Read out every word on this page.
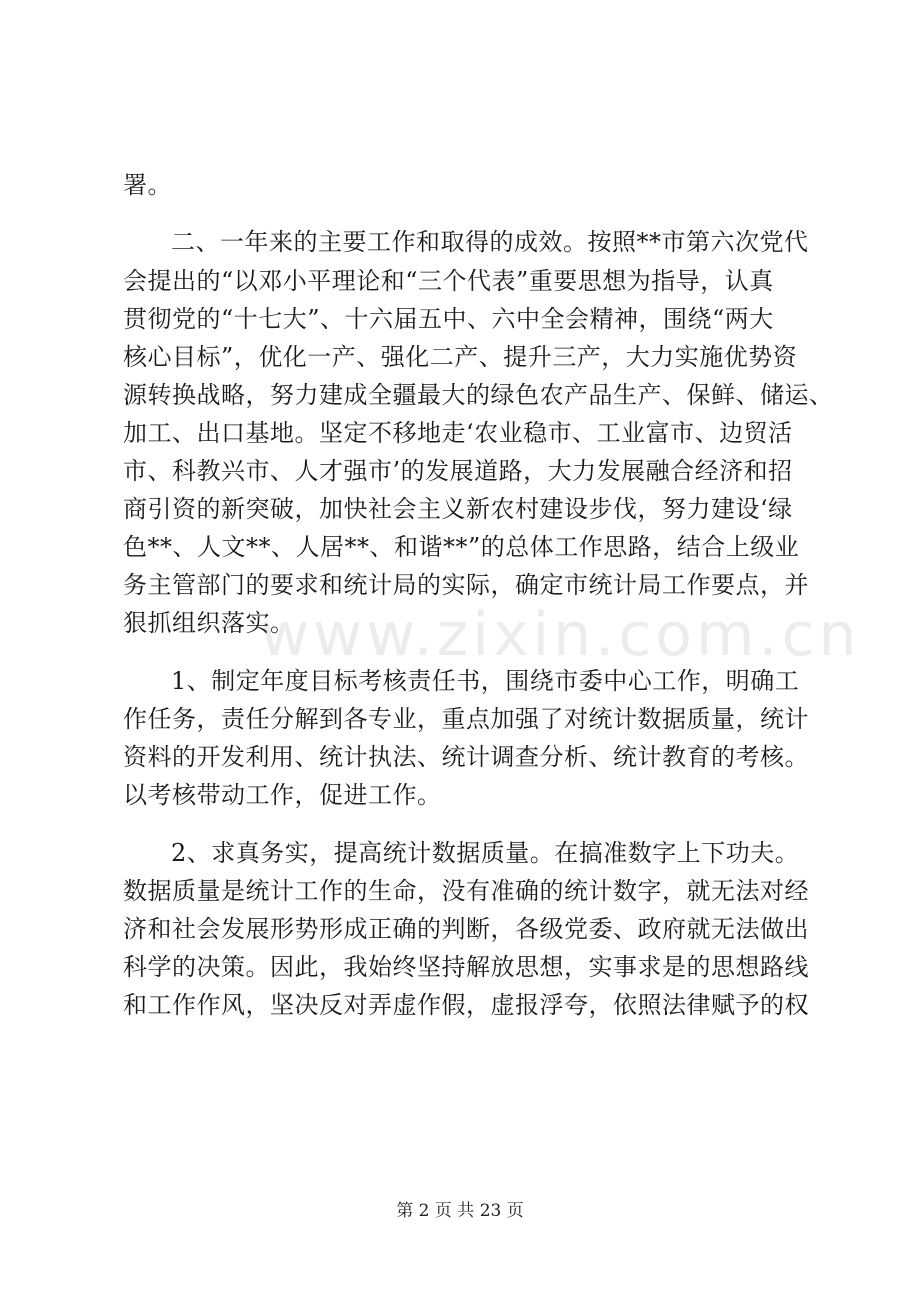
www.zixin.com.cn
署。
二、一年来的主要工作和取得的成效。按照**市第六次党代
会提出的“以邓小平理论和“三个代表”重要思想为指导，认真
贯彻党的“十七大”、十六届五中、六中全会精神，围绕“两大
核心目标”，优化一产、强化二产、提升三产，大力实施优势资
源转换战略，努力建成全疆最大的绿色农产品生产、保鲜、储运、
加工、出口基地。坚定不移地走‘农业稳市、工业富市、边贸活
市、科教兴市、人才强市’的发展道路，大力发展融合经济和招
商引资的新突破，加快社会主义新农村建设步伐，努力建设‘绿
色**、人文**、人居**、和谐**”的总体工作思路，结合上级业
务主管部门的要求和统计局的实际，确定市统计局工作要点，并
狠抓组织落实。
1、制定年度目标考核责任书，围绕市委中心工作，明确工
作任务，责任分解到各专业，重点加强了对统计数据质量，统计
资料的开发利用、统计执法、统计调查分析、统计教育的考核。
以考核带动工作，促进工作。
2、求真务实，提高统计数据质量。在搞准数字上下功夫。
数据质量是统计工作的生命，没有准确的统计数字，就无法对经
济和社会发展形势形成正确的判断，各级党委、政府就无法做出
科学的决策。因此，我始终坚持解放思想，实事求是的思想路线
和工作作风，坚决反对弄虚作假，虚报浮夸，依照法律赋予的权
第 2 页 共 23 页
